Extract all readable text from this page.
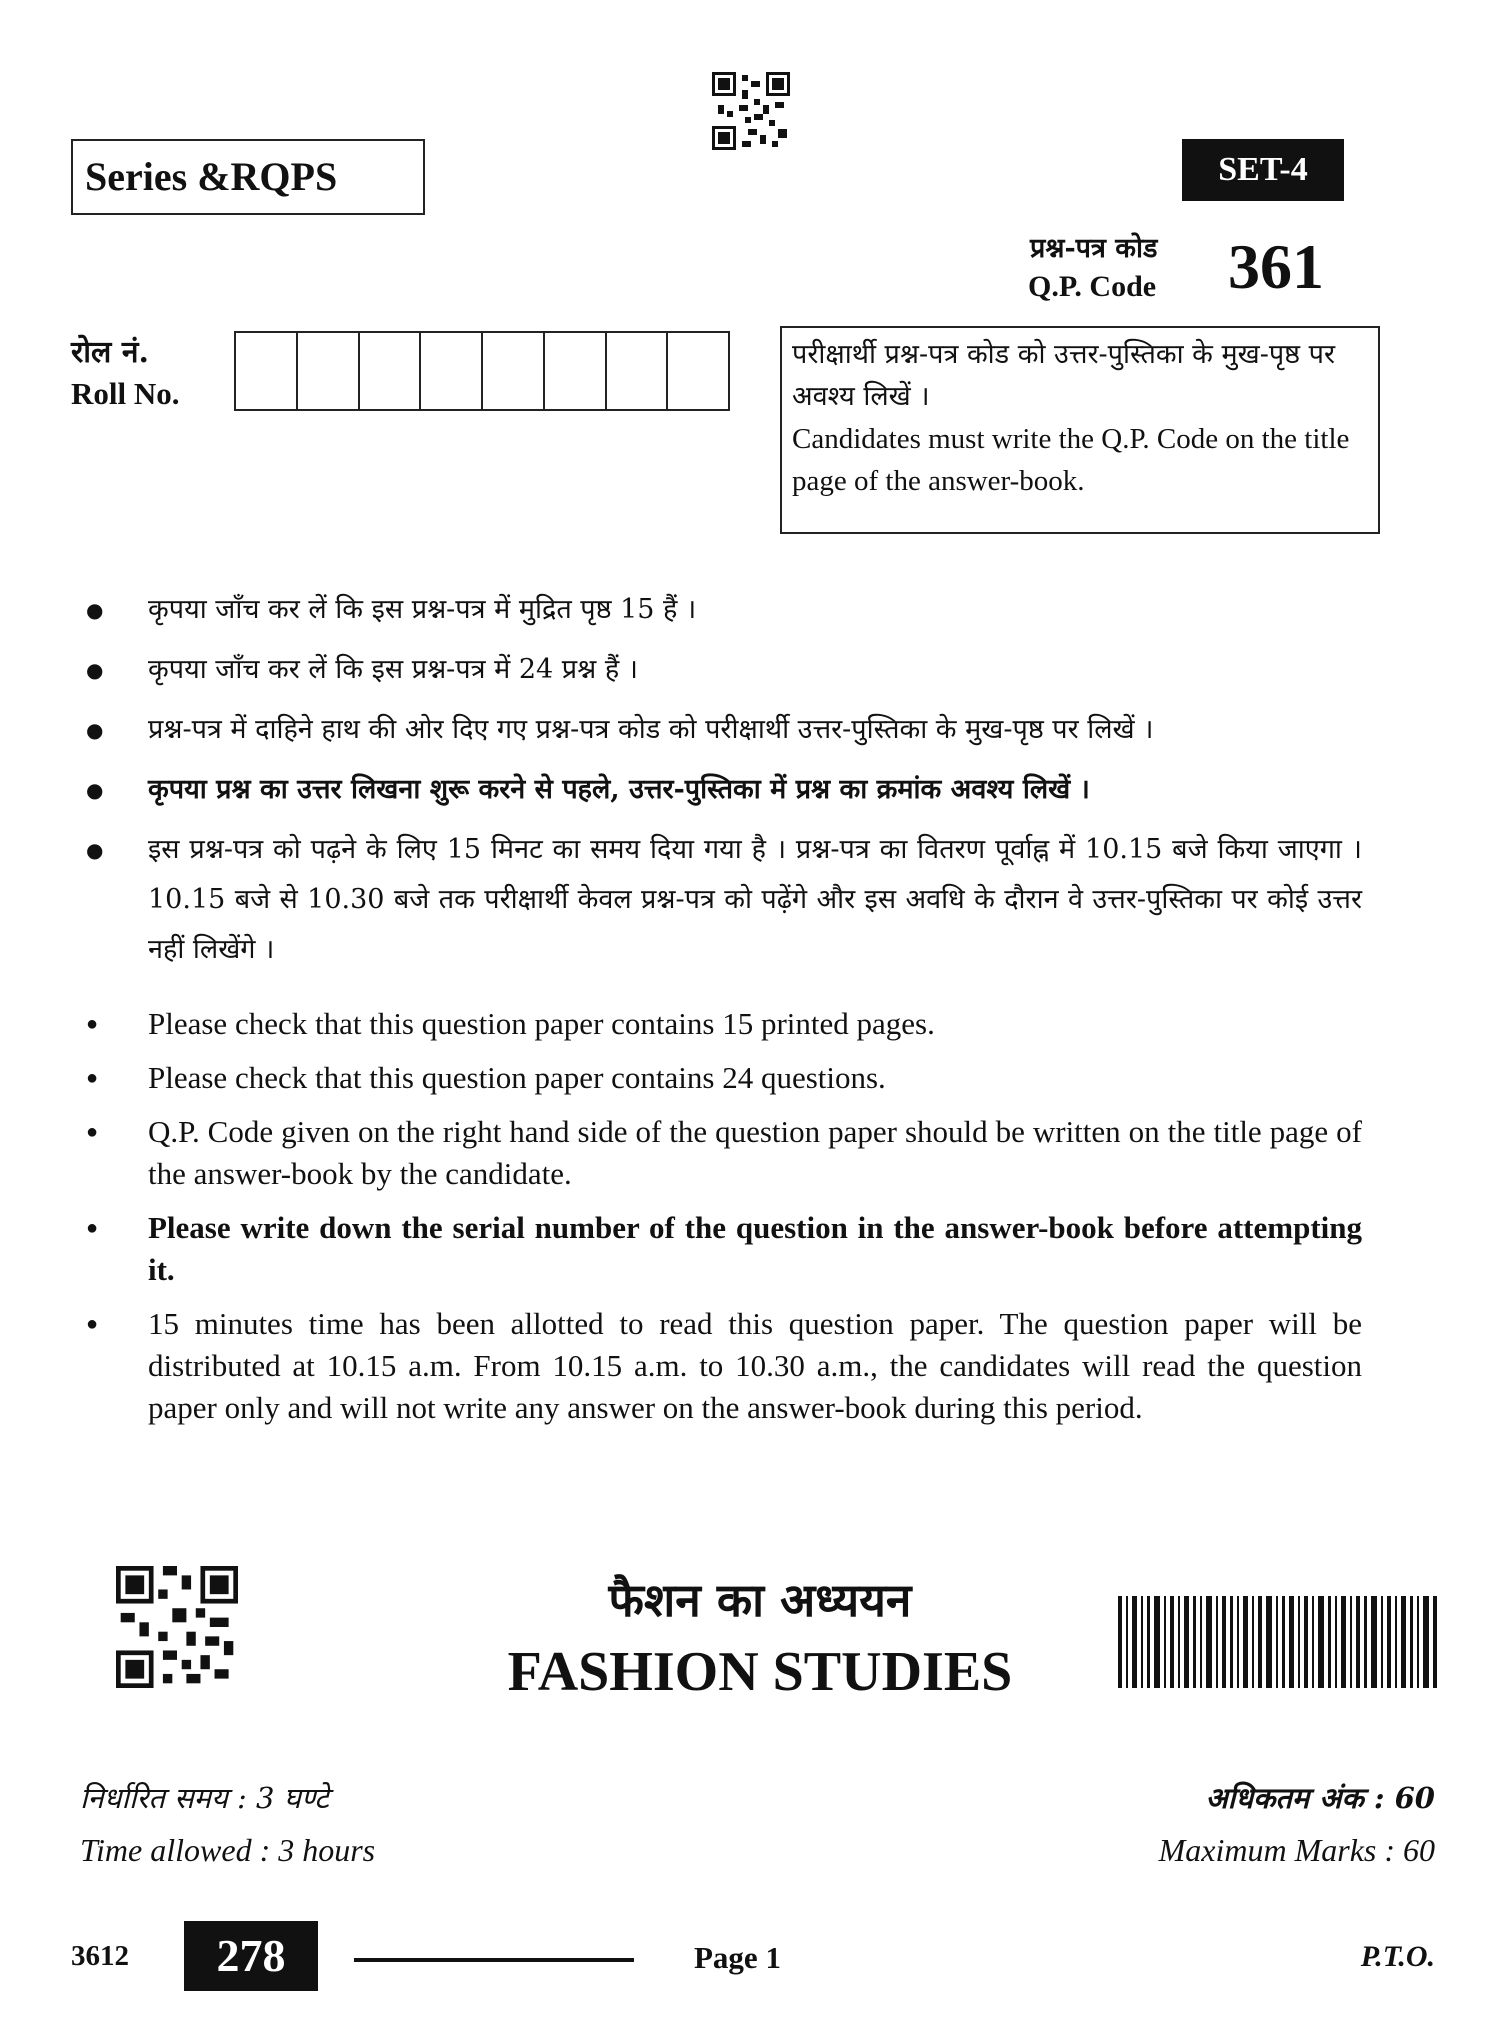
Series &RQPS	SET-4
प्रश्न-पत्र कोड
Q.P. Code 361
रोल नं.
Roll No.
परीक्षार्थी प्रश्न-पत्र कोड को उत्तर-पुस्तिका के मुख-पृष्ठ पर अवश्य लिखें ।
Candidates must write the Q.P. Code on the title page of the answer-book.
● कृपया जाँच कर लें कि इस प्रश्न-पत्र में मुद्रित पृष्ठ 15 हैं ।
● कृपया जाँच कर लें कि इस प्रश्न-पत्र में 24 प्रश्न हैं ।
● प्रश्न-पत्र में दाहिने हाथ की ओर दिए गए प्रश्न-पत्र कोड को परीक्षार्थी उत्तर-पुस्तिका के मुख-पृष्ठ पर लिखें ।
● कृपया प्रश्न का उत्तर लिखना शुरू करने से पहले, उत्तर-पुस्तिका में प्रश्न का क्रमांक अवश्य लिखें ।
● इस प्रश्न-पत्र को पढ़ने के लिए 15 मिनट का समय दिया गया है । प्रश्न-पत्र का वितरण पूर्वाह्न में 10.15 बजे किया जाएगा । 10.15 बजे से 10.30 बजे तक परीक्षार्थी केवल प्रश्न-पत्र को पढ़ेंगे और इस अवधि के दौरान वे उत्तर-पुस्तिका पर कोई उत्तर नहीं लिखेंगे ।
● Please check that this question paper contains 15 printed pages.
● Please check that this question paper contains 24 questions.
● Q.P. Code given on the right hand side of the question paper should be written on the title page of the answer-book by the candidate.
● Please write down the serial number of the question in the answer-book before attempting it.
● 15 minutes time has been allotted to read this question paper. The question paper will be distributed at 10.15 a.m. From 10.15 a.m. to 10.30 a.m., the candidates will read the question paper only and will not write any answer on the answer-book during this period.
फैशन का अध्ययन
FASHION STUDIES
निर्धारित समय : 3 घण्टे
Time allowed : 3 hours
अधिकतम अंक : 60
Maximum Marks : 60
3612	278	Page 1	P.T.O.
